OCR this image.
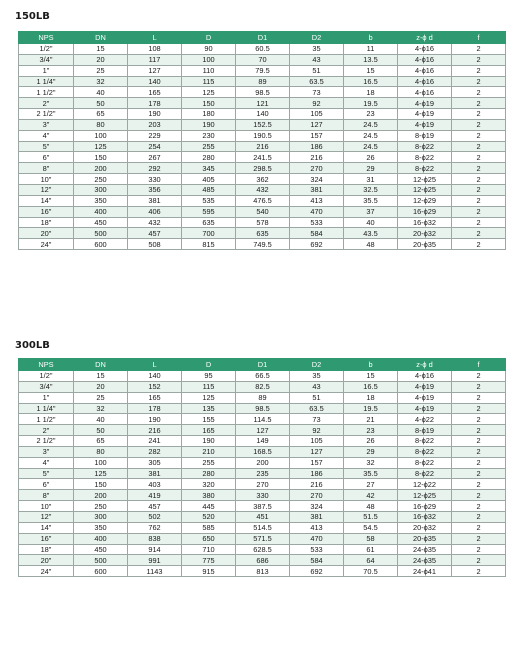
150LB
NPS	DN	L	D	D1	D2	b	z-ϕ d	f
1/2"	15	108	90	60.5	35	11	4-ϕ16	2
3/4"	20	117	100	70	43	13.5	4-ϕ16	2
1"	25	127	110	79.5	51	15	4-ϕ16	2
1 1/4"	32	140	115	89	63.5	16.5	4-ϕ16	2
1 1/2"	40	165	125	98.5	73	18	4-ϕ16	2
2"	50	178	150	121	92	19.5	4-ϕ19	2
2 1/2"	65	190	180	140	105	23	4-ϕ19	2
3"	80	203	190	152.5	127	24.5	4-ϕ19	2
4"	100	229	230	190.5	157	24.5	8-ϕ19	2
5"	125	254	255	216	186	24.5	8-ϕ22	2
6"	150	267	280	241.5	216	26	8-ϕ22	2
8"	200	292	345	298.5	270	29	8-ϕ22	2
10"	250	330	405	362	324	31	12-ϕ25	2
12"	300	356	485	432	381	32.5	12-ϕ25	2
14"	350	381	535	476.5	413	35.5	12-ϕ29	2
16"	400	406	595	540	470	37	16-ϕ29	2
18"	450	432	635	578	533	40	16-ϕ32	2
20"	500	457	700	635	584	43.5	20-ϕ32	2
24"	600	508	815	749.5	692	48	20-ϕ35	2
300LB
NPS	DN	L	D	D1	D2	b	z-ϕ d	f
1/2"	15	140	95	66.5	35	15	4-ϕ16	2
3/4"	20	152	115	82.5	43	16.5	4-ϕ19	2
1"	25	165	125	89	51	18	4-ϕ19	2
1 1/4"	32	178	135	98.5	63.5	19.5	4-ϕ19	2
1 1/2"	40	190	155	114.5	73	21	4-ϕ22	2
2"	50	216	165	127	92	23	8-ϕ19	2
2 1/2"	65	241	190	149	105	26	8-ϕ22	2
3"	80	282	210	168.5	127	29	8-ϕ22	2
4"	100	305	255	200	157	32	8-ϕ22	2
5"	125	381	280	235	186	35.5	8-ϕ22	2
6"	150	403	320	270	216	27	12-ϕ22	2
8"	200	419	380	330	270	42	12-ϕ25	2
10"	250	457	445	387.5	324	48	16-ϕ29	2
12"	300	502	520	451	381	51.5	16-ϕ32	2
14"	350	762	585	514.5	413	54.5	20-ϕ32	2
16"	400	838	650	571.5	470	58	20-ϕ35	2
18"	450	914	710	628.5	533	61	24-ϕ35	2
20"	500	991	775	686	584	64	24-ϕ35	2
24"	600	1143	915	813	692	70.5	24-ϕ41	2
